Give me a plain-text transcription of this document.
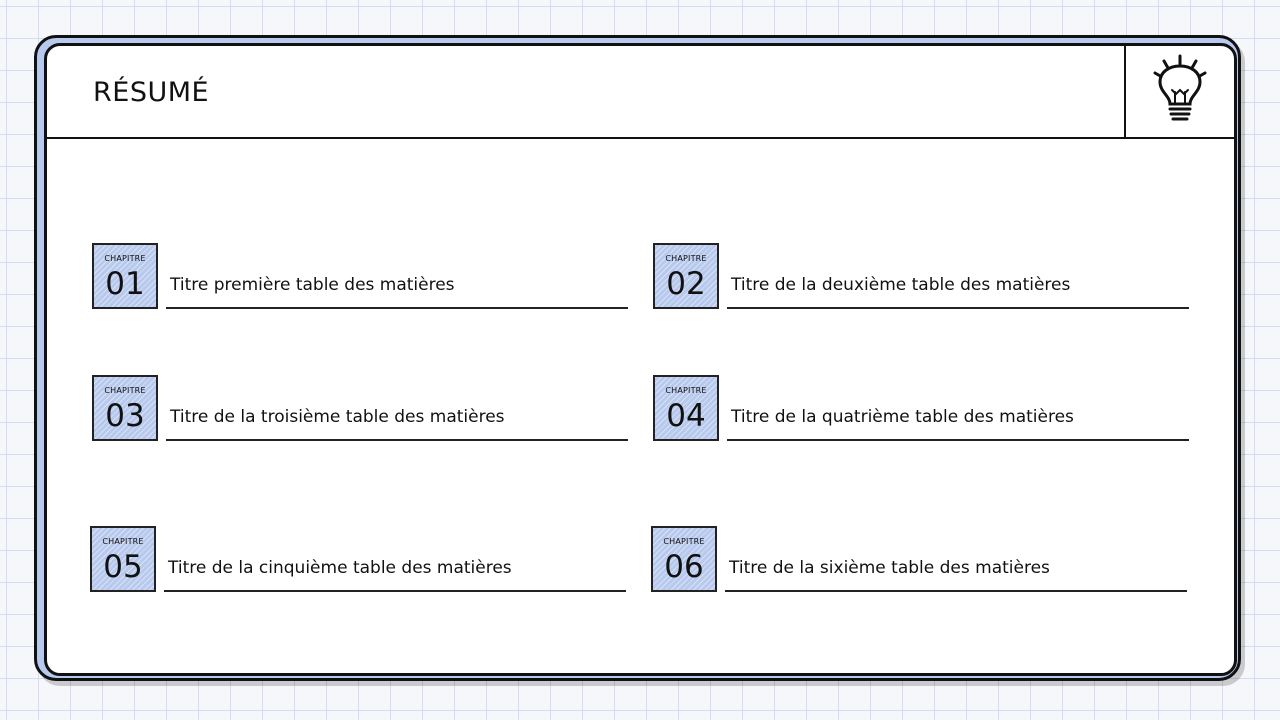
RÉSUMÉ
CHAPITRE
01	Titre première table des matières
CHAPITRE
02	Titre de la deuxième table des matières
CHAPITRE
03	Titre de la troisième table des matières
CHAPITRE
04	Titre de la quatrième table des matières
CHAPITRE
05	Titre de la cinquième table des matières
CHAPITRE
06	Titre de la sixième table des matières
